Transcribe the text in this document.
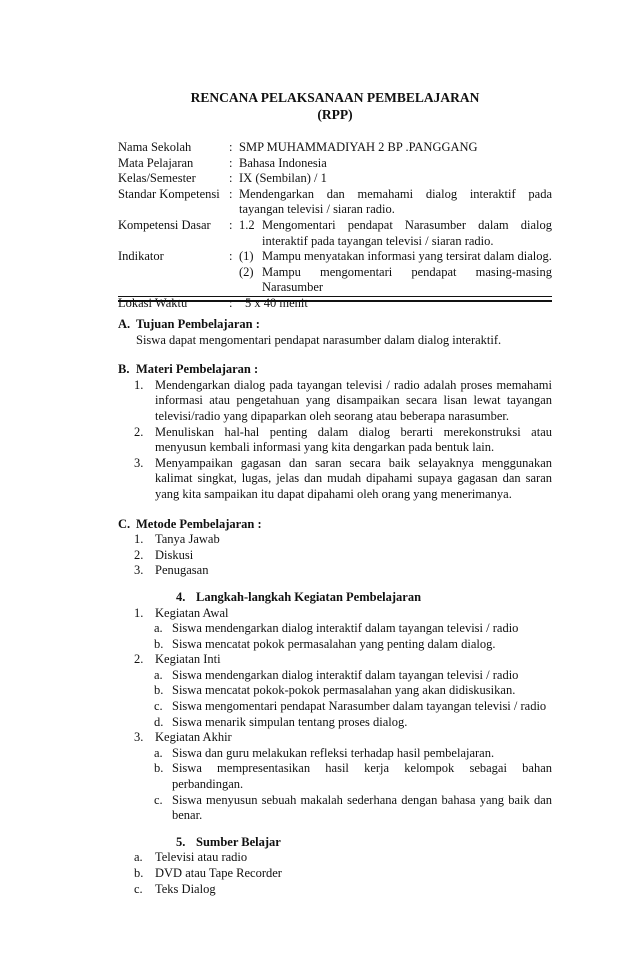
RENCANA PELAKSANAAN PEMBELAJARAN
(RPP)
Nama Sekolah	: SMP MUHAMMADIYAH 2 BP .PANGGANG
Mata Pelajaran	: Bahasa Indonesia
Kelas/Semester	: IX (Sembilan) / 1
Standar Kompetensi : Mendengarkan dan memahami dialog interaktif pada
tayangan televisi / siaran radio.
Kompetensi Dasar : 1.2 Mengomentari pendapat Narasumber dalam dialog
interaktif pada tayangan televisi / siaran radio.
Indikator	: (1) Mampu menyatakan informasi yang tersirat dalam dialog.
(2) Mampu mengomentari pendapat masing-masing
Narasumber
Lokasi Waktu	:	5 x 40 menit
A. Tujuan Pembelajaran :
Siswa dapat mengomentari pendapat narasumber dalam dialog interaktif.
B. Materi Pembelajaran :
1. Mendengarkan dialog pada tayangan televisi / radio adalah proses memahami
informasi atau pengetahuan yang disampaikan secara lisan lewat tayangan
televisi/radio yang dipaparkan oleh seorang atau beberapa narasumber.
2. Menuliskan hal-hal penting dalam dialog berarti merekonstruksi atau
menyusun kembali informasi yang kita dengarkan pada bentuk lain.
3. Menyampaikan gagasan dan saran secara baik selayaknya menggunakan
kalimat singkat, lugas, jelas dan mudah dipahami supaya gagasan dan saran
yang kita sampaikan itu dapat dipahami oleh orang yang menerimanya.
C. Metode Pembelajaran :
1. Tanya Jawab
2. Diskusi
3. Penugasan
4. Langkah-langkah Kegiatan Pembelajaran
1. Kegiatan Awal
a. Siswa mendengarkan dialog interaktif dalam tayangan televisi / radio
b. Siswa mencatat pokok permasalahan yang penting dalam dialog.
2. Kegiatan Inti
a. Siswa mendengarkan dialog interaktif dalam tayangan televisi / radio
b. Siswa mencatat pokok-pokok permasalahan yang akan didiskusikan.
c. Siswa mengomentari pendapat Narasumber dalam tayangan televisi / radio
d. Siswa menarik simpulan tentang proses dialog.
3. Kegiatan Akhir
a. Siswa dan guru melakukan refleksi terhadap hasil pembelajaran.
b. Siswa mempresentasikan hasil kerja kelompok sebagai bahan
perbandingan.
c. Siswa menyusun sebuah makalah sederhana dengan bahasa yang baik dan
benar.
5. Sumber Belajar
a. Televisi atau radio
b. DVD atau Tape Recorder
c. Teks Dialog
